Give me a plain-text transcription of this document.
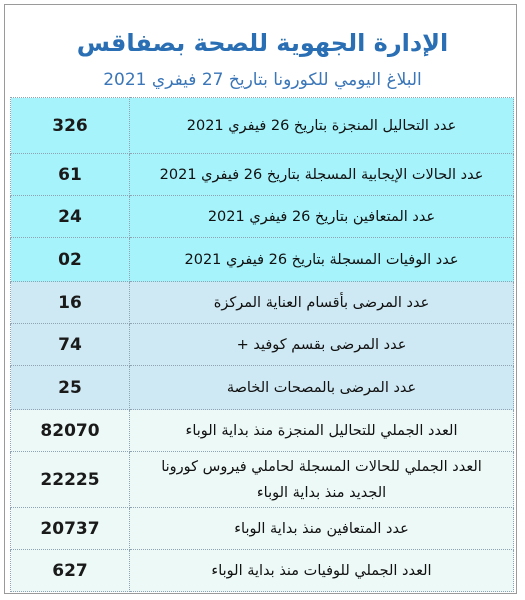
الإدارة الجهوية للصحة بصفاقس
البلاغ اليومي للكورونا بتاريخ 27 فيفري 2021
326	عدد التحاليل المنجزة بتاريخ 26 فيفري 2021
61	عدد الحالات الإيجابية المسجلة بتاريخ 26 فيفري 2021
24	عدد المتعافين بتاريخ 26 فيفري 2021
02	عدد الوفيات المسجلة بتاريخ 26 فيفري 2021
16	عدد المرضى بأقسام العناية المركزة
74	عدد المرضى بقسم كوفيد +
25	عدد المرضى بالمصحات الخاصة
82070	العدد الجملي للتحاليل المنجزة منذ بداية الوباء
22225	العدد الجملي للحالات المسجلة لحاملي فيروس كورونا الجديد منذ بداية الوباء
20737	عدد المتعافين منذ بداية الوباء
627	العدد الجملي للوفيات منذ بداية الوباء
